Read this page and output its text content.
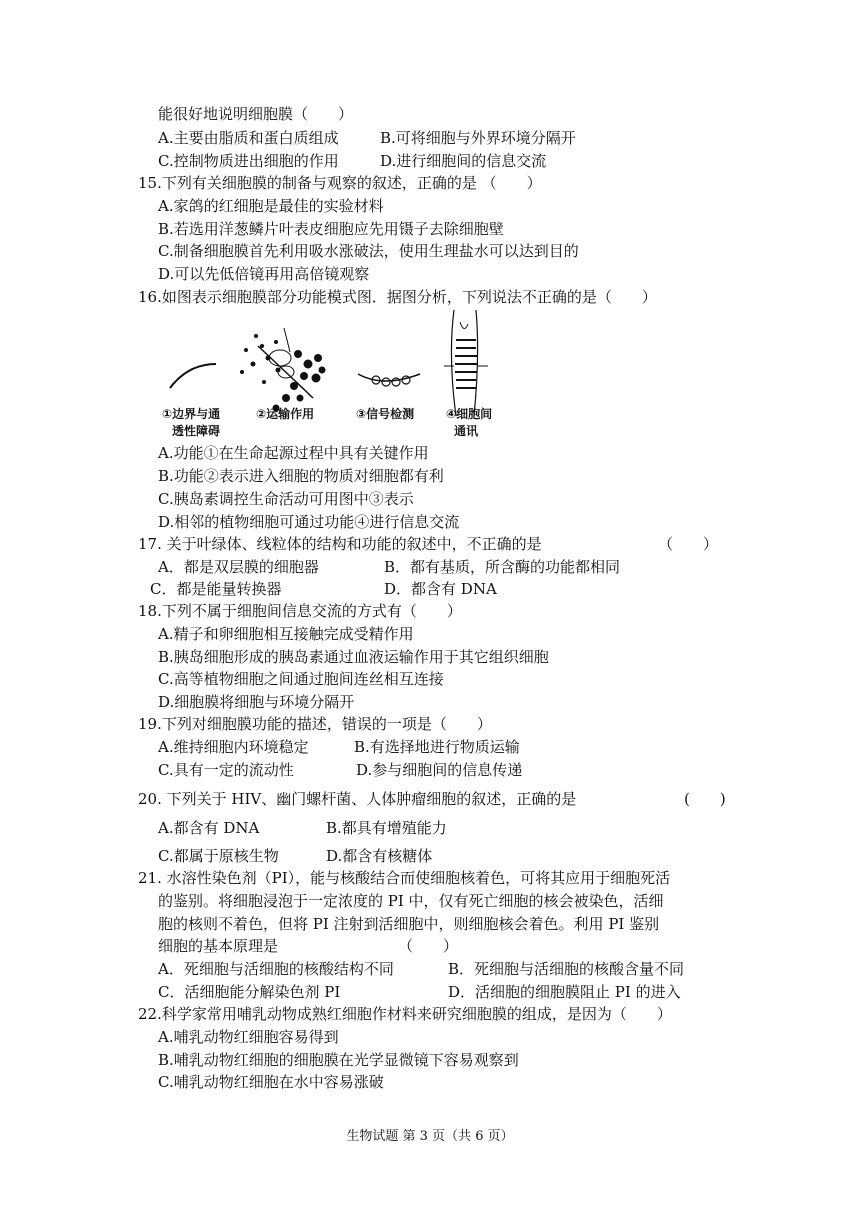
能很好地说明细胞膜（　　）
A.主要由脂质和蛋白质组成	B.可将细胞与外界环境分隔开
C.控制物质进出细胞的作用	D.进行细胞间的信息交流
15.下列有关细胞膜的制备与观察的叙述，正确的是 （　　）
A.家鸽的红细胞是最佳的实验材料
B.若选用洋葱鳞片叶表皮细胞应先用镊子去除细胞壁
C.制备细胞膜首先利用吸水涨破法，使用生理盐水可以达到目的
D.可以先低倍镜再用高倍镜观察
16.如图表示细胞膜部分功能模式图．据图分析，下列说法不正确的是（　　）
①边界与通
透性障碍
②运输作用	③信号检测	④细胞间
通讯
A.功能①在生命起源过程中具有关键作用
B.功能②表示进入细胞的物质对细胞都有利
C.胰岛素调控生命活动可用图中③表示
D.相邻的植物细胞可通过功能④进行信息交流
17. 关于叶绿体、线粒体的结构和功能的叙述中，不正确的是	（　　）
A．都是双层膜的细胞器	B．都有基质，所含酶的功能都相同
C．都是能量转换器	D．都含有 DNA
18.下列不属于细胞间信息交流的方式有（　　）
A.精子和卵细胞相互接触完成受精作用
B.胰岛细胞形成的胰岛素通过血液运输作用于其它组织细胞
C.高等植物细胞之间通过胞间连丝相互连接
D.细胞膜将细胞与环境分隔开
19.下列对细胞膜功能的描述，错误的一项是（　　）
A.维持细胞内环境稳定	B.有选择地进行物质运输
C.具有一定的流动性	D.参与细胞间的信息传递
20. 下列关于 HIV、幽门螺杆菌、人体肿瘤细胞的叙述，正确的是	(　　)
A.都含有 DNA	B.都具有增殖能力
C.都属于原核生物	D.都含有核糖体
21. 水溶性染色剂（PI），能与核酸结合而使细胞核着色，可将其应用于细胞死活
的鉴别。将细胞浸泡于一定浓度的 PI 中，仅有死亡细胞的核会被染色，活细
胞的核则不着色，但将 PI 注射到活细胞中，则细胞核会着色。利用 PI 鉴别
细胞的基本原理是	（　　）
A．死细胞与活细胞的核酸结构不同	B．死细胞与活细胞的核酸含量不同
C．活细胞能分解染色剂 PI	D．活细胞的细胞膜阻止 PI 的进入
22.科学家常用哺乳动物成熟红细胞作材料来研究细胞膜的组成，是因为（　　）
A.哺乳动物红细胞容易得到
B.哺乳动物红细胞的细胞膜在光学显微镜下容易观察到
C.哺乳动物红细胞在水中容易涨破
生物试题 第 3 页（共 6 页）
